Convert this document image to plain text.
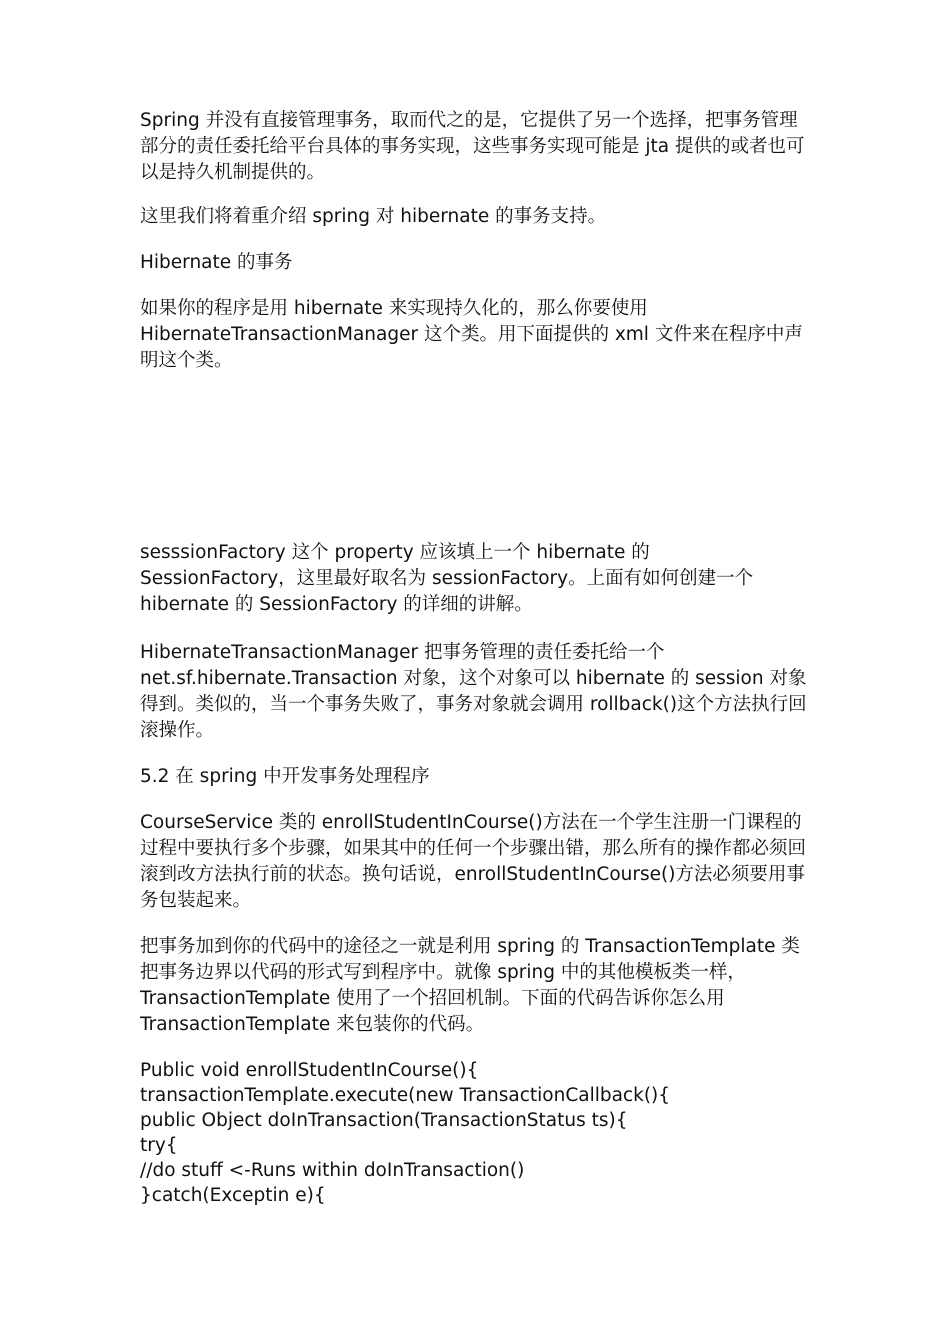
Spring 并没有直接管理事务，取而代之的是，它提供了另一个选择，把事务管理部分的责任委托给平台具体的事务实现，这些事务实现可能是 jta 提供的或者也可以是持久机制提供的。

这里我们将着重介绍 spring 对 hibernate 的事务支持。

Hibernate 的事务

如果你的程序是用 hibernate 来实现持久化的，那么你要使用 HibernateTransactionManager 这个类。用下面提供的 xml 文件来在程序中声明这个类。

sesssionFactory 这个 property 应该填上一个 hibernate 的 SessionFactory，这里最好取名为 sessionFactory。上面有如何创建一个 hibernate 的 SessionFactory 的详细的讲解。

HibernateTransactionManager 把事务管理的责任委托给一个 net.sf.hibernate.Transaction 对象，这个对象可以 hibernate 的 session 对象得到。类似的，当一个事务失败了，事务对象就会调用 rollback()这个方法执行回滚操作。

5.2 在 spring 中开发事务处理程序

CourseService 类的 enrollStudentInCourse()方法在一个学生注册一门课程的过程中要执行多个步骤，如果其中的任何一个步骤出错，那么所有的操作都必须回滚到改方法执行前的状态。换句话说，enrollStudentInCourse()方法必须要用事务包装起来。

把事务加到你的代码中的途径之一就是利用 spring 的 TransactionTemplate 类把事务边界以代码的形式写到程序中。就像 spring 中的其他模板类一样，TransactionTemplate 使用了一个招回机制。下面的代码告诉你怎么用 TransactionTemplate 来包装你的代码。

Public void enrollStudentInCourse(){

transactionTemplate.execute(new TransactionCallback(){

public Object doInTransaction(TransactionStatus ts){

try{

//do stuff <-Runs within doInTransaction()

}catch(Exceptin e){
